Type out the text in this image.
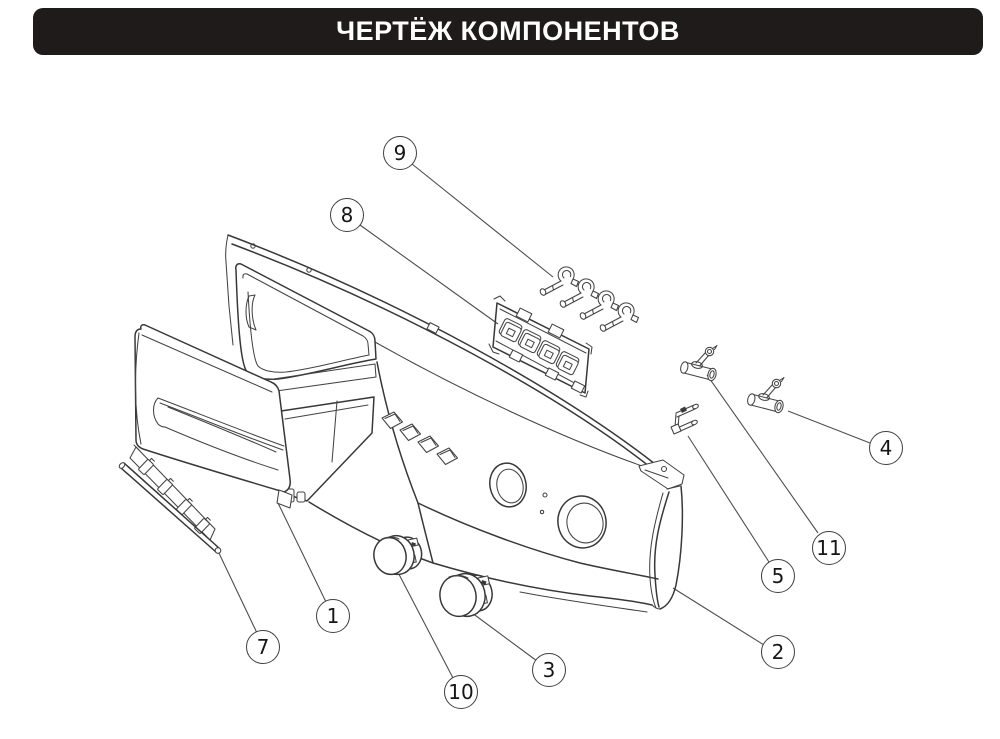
ЧЕРТЁЖ КОМПОНЕНТОВ
1
2
3
4
5
7
8
9
10
11
